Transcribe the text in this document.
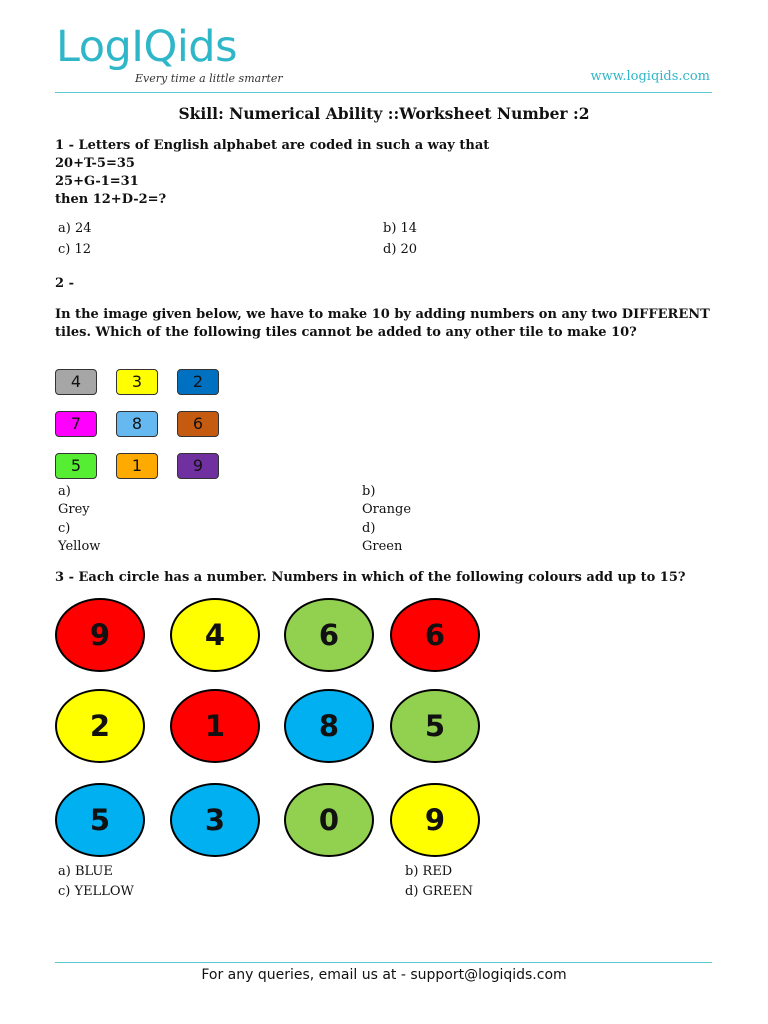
LogIQids
Every time a little smarter	www.logiqids.com
Skill: Numerical Ability ::Worksheet Number :2
1 - Letters of English alphabet are coded in such a way that
20+T-5=35
25+G-1=31
then 12+D-2=?
a) 24	b) 14
c) 12	d) 20
2 -
In the image given below, we have to make 10 by adding numbers on any two DIFFERENT tiles. Which of the following tiles cannot be added to any other tile to make 10?
4	3	2
7	8	6
5	1	9
a)
Grey
b)
Orange
c)
Yellow
d)
Green
3 - Each circle has a number. Numbers in which of the following colours add up to 15?
9	4	6	6
2	1	8	5
5	3	0	9
a) BLUE	b) RED
c) YELLOW	d) GREEN
For any queries, email us at - support@logiqids.com
